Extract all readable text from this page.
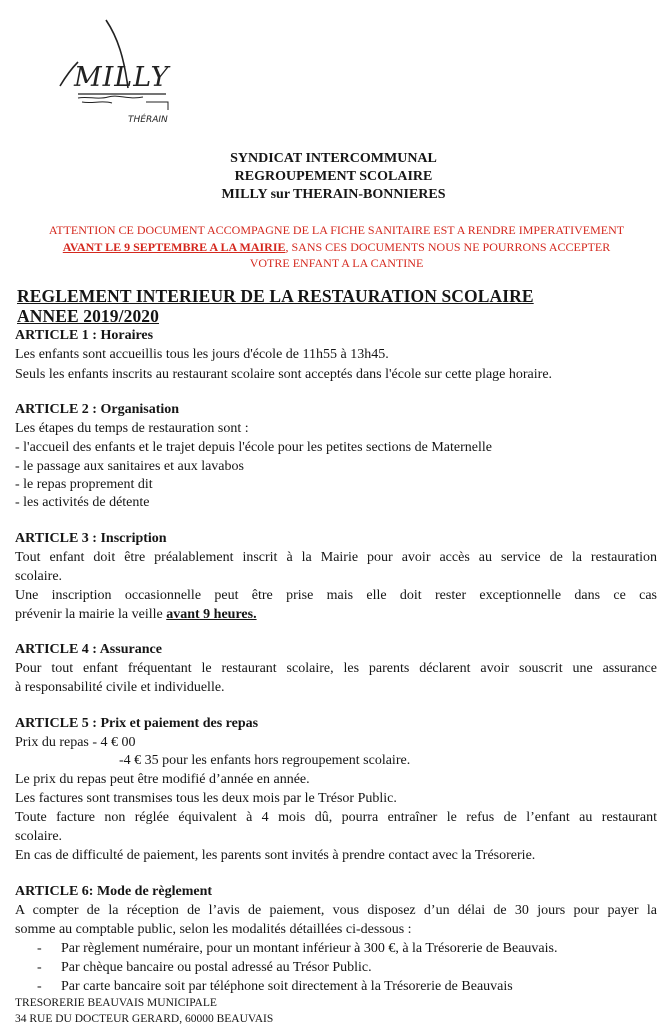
MILLY
THÉRAIN
SYNDICAT INTERCOMMUNAL
REGROUPEMENT SCOLAIRE
MILLY sur THERAIN-BONNIERES
ATTENTION CE DOCUMENT ACCOMPAGNE DE LA FICHE SANITAIRE EST A RENDRE IMPERATIVEMENT
AVANT LE 9 SEPTEMBRE A LA MAIRIE, SANS CES DOCUMENTS NOUS NE POURRONS ACCEPTER
VOTRE ENFANT A LA CANTINE
REGLEMENT INTERIEUR DE LA RESTAURATION SCOLAIRE
ANNEE 2019/2020
ARTICLE 1 : Horaires
Les enfants sont accueillis tous les jours d'école de 11h55 à 13h45.
Seuls les enfants inscrits au restaurant scolaire sont acceptés dans l'école sur cette plage horaire.
ARTICLE 2 : Organisation
Les étapes du temps de restauration sont :
- l'accueil des enfants et le trajet depuis l'école pour les petites sections de Maternelle
- le passage aux sanitaires et aux lavabos
- le repas proprement dit
- les activités de détente
ARTICLE 3 : Inscription
Tout enfant doit être préalablement inscrit à la Mairie pour avoir accès au service de la restauration
scolaire.
Une inscription occasionnelle peut être prise mais elle doit rester exceptionnelle dans ce cas
prévenir la mairie la veille avant 9 heures.
ARTICLE 4 : Assurance
Pour tout enfant fréquentant le restaurant scolaire, les parents déclarent avoir souscrit une assurance
à responsabilité civile et individuelle.
ARTICLE 5 : Prix et paiement des repas
Prix du repas - 4 € 00
-4 € 35 pour les enfants hors regroupement scolaire.
Le prix du repas peut être modifié d’année en année.
Les factures sont transmises tous les deux mois par le Trésor Public.
Toute facture non réglée équivalent à 4 mois dû, pourra entraîner le refus de l’enfant au restaurant
scolaire.
En cas de difficulté de paiement, les parents sont invités à prendre contact avec la Trésorerie.
ARTICLE 6: Mode de règlement
A compter de la réception de l’avis de paiement, vous disposez d’un délai de 30 jours pour payer la
somme au comptable public, selon les modalités détaillées ci-dessous :
- Par règlement numéraire, pour un montant inférieur à 300 €, à la Trésorerie de Beauvais.
- Par chèque bancaire ou postal adressé au Trésor Public.
- Par carte bancaire soit par téléphone soit directement à la Trésorerie de Beauvais
TRESORERIE BEAUVAIS MUNICIPALE
34 RUE DU DOCTEUR GERARD, 60000 BEAUVAIS
